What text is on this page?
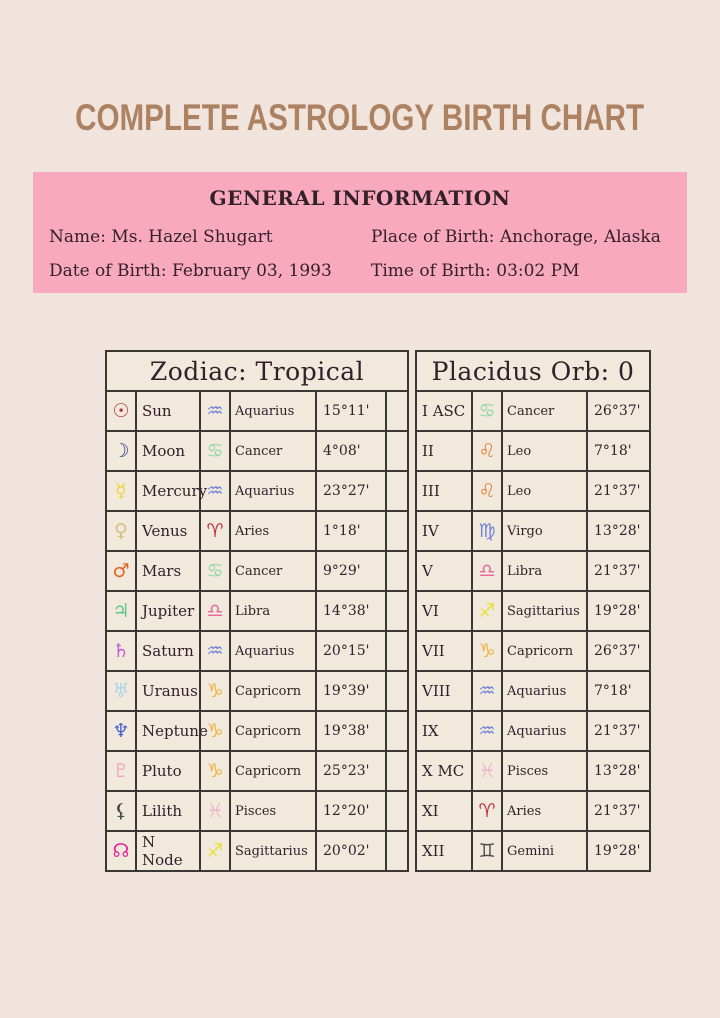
COMPLETE ASTROLOGY BIRTH CHART
GENERAL INFORMATION
Name: Ms. Hazel Shugart	Place of Birth: Anchorage, Alaska
Date of Birth: February 03, 1993	Time of Birth: 03:02 PM
Zodiac: Tropical					
☉	Sun	♒	Aquarius	15°11'	
☽	Moon	♋	Cancer	4°08'	
☿	Mercury	♒	Aquarius	23°27'	
♀	Venus	♈	Aries	1°18'	
♂	Mars	♋	Cancer	9°29'	
♃	Jupiter	♎	Libra	14°38'	
♄	Saturn	♒	Aquarius	20°15'	
♅	Uranus	♑	Capricorn	19°39'	
♆	Neptune	♑	Capricorn	19°38'	
♇	Pluto	♑	Capricorn	25°23'	
⚸	Lilith	♓	Pisces	12°20'	
☊	N Node	♐	Sagittarius	20°02'	
Placidus Orb: 0			
I ASC	♋	Cancer	26°37'
II	♌	Leo	7°18'
III	♌	Leo	21°37'
IV	♍	Virgo	13°28'
V	♎	Libra	21°37'
VI	♐	Sagittarius	19°28'
VII	♑	Capricorn	26°37'
VIII	♒	Aquarius	7°18'
IX	♒	Aquarius	21°37'
X MC	♓	Pisces	13°28'
XI	♈	Aries	21°37'
XII	♊	Gemini	19°28'
